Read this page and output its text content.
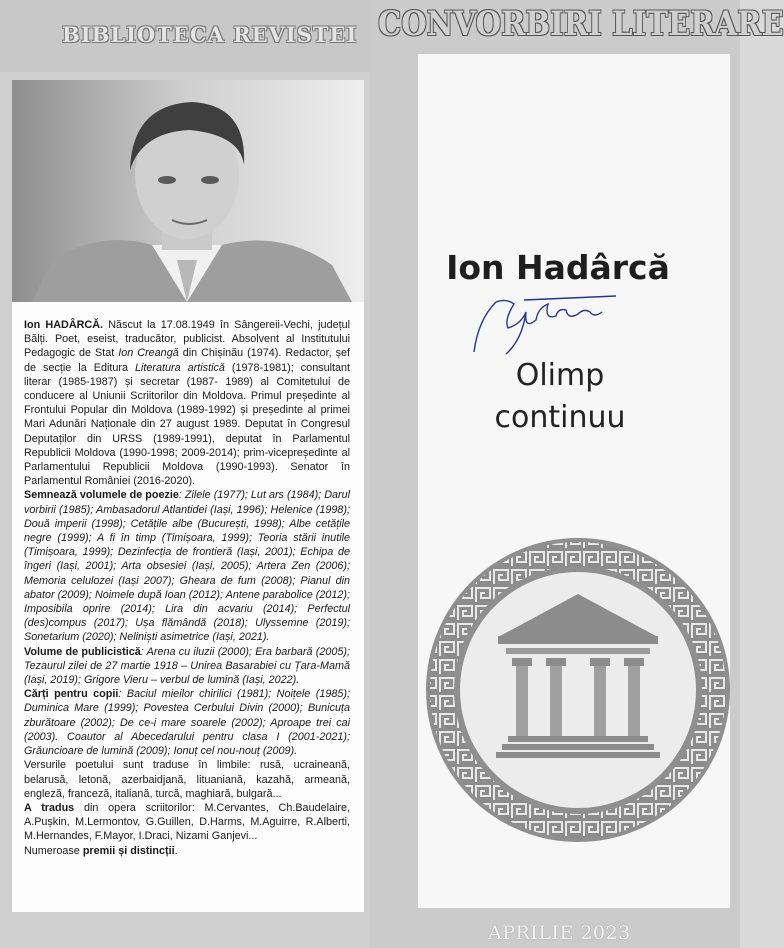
BIBLIOTECA REVISTEI

Ion HADÂRCĂ. Născut la 17.08.1949 în Sângereii-Vechi, județul Bălți. Poet, eseist, traducător, publicist. Absolvent al Institutului Pedagogic de Stat Ion Creangă din Chișinău (1974). Redactor, șef de secție la Editura Literatura artistică (1978-1981); consultant literar (1985-1987) și secretar (1987- 1989) al Comitetului de conducere al Uniunii Scriitorilor din Moldova. Primul președinte al Frontului Popular din Moldova (1989-1992) și președinte al primei Mari Adunări Naționale din 27 august 1989. Deputat în Congresul Deputaților din URSS (1989-1991), deputat în Parlamentul Republicii Moldova (1990-1998; 2009-2014); prim-vicepreședinte al Parlamentului Republicii Moldova (1990-1993). Senator în Parlamentul României (2016-2020).

Semnează volumele de poezie: Zilele (1977); Lut ars (1984); Darul vorbirii (1985); Ambasadorul Atlantidei (Iași, 1996); Helenice (1998); Două imperii (1998); Cetățile albe (București, 1998); Albe cetățile negre (1999); A fi în timp (Timișoara, 1999); Teoria stării inutile (Timișoara, 1999); Dezinfecția de frontieră (Iași, 2001); Echipa de îngeri (Iași, 2001); Arta obsesiei (Iași, 2005); Artera Zen (2006); Memoria celulozei (Iași 2007); Gheara de fum (2008); Pianul din abator (2009); Noimele după Ioan (2012); Antene parabolice (2012); Imposibila oprire (2014); Lira din acvariu (2014); Perfectul (des)compus (2017); Ușa flămândă (2018); Ulyssemne (2019); Sonetarium (2020); Neliniști asimetrice (Iași, 2021).

Volume de publicistică: Arena cu iluzii (2000); Era barbară (2005); Tezaurul zilei de 27 martie 1918 – Unirea Basarabiei cu Țara-Mamă (Iași, 2019); Grigore Vieru – verbul de lumină (Iași, 2022).

Cărți pentru copii: Baciul mieilor chirilici (1981); Noițele (1985); Duminica Mare (1999); Povestea Cerbului Divin (2000); Bunicuța zburătoare (2002); De ce-i mare soarele (2002); Aproape trei cai (2003). Coautor al Abecedarului pentru clasa I (2001-2021); Grăuncioare de lumină (2009); Ionuț cel nou-nouț (2009).

Versurile poetului sunt traduse în limbile: rusă, ucraineană, belarusă, letonă, azerbaidjană, lituaniană, kazahă, armeană, engleză, franceză, italiană, turcă, maghiară, bulgară...

A tradus din opera scriitorilor: M.Cervantes, Ch.Baudelaire, A.Pușkin, M.Lermontov, G.Guillen, D.Harms, M.Aguirre, R.Alberti, M.Hernandes, F.Mayor, I.Draci, Nizami Ganjevi...

Numeroase premii și distincții.

CONVORBIRI LITERARE
Ion Hadârcă
Olimp
continuu
APRILIE 2023
